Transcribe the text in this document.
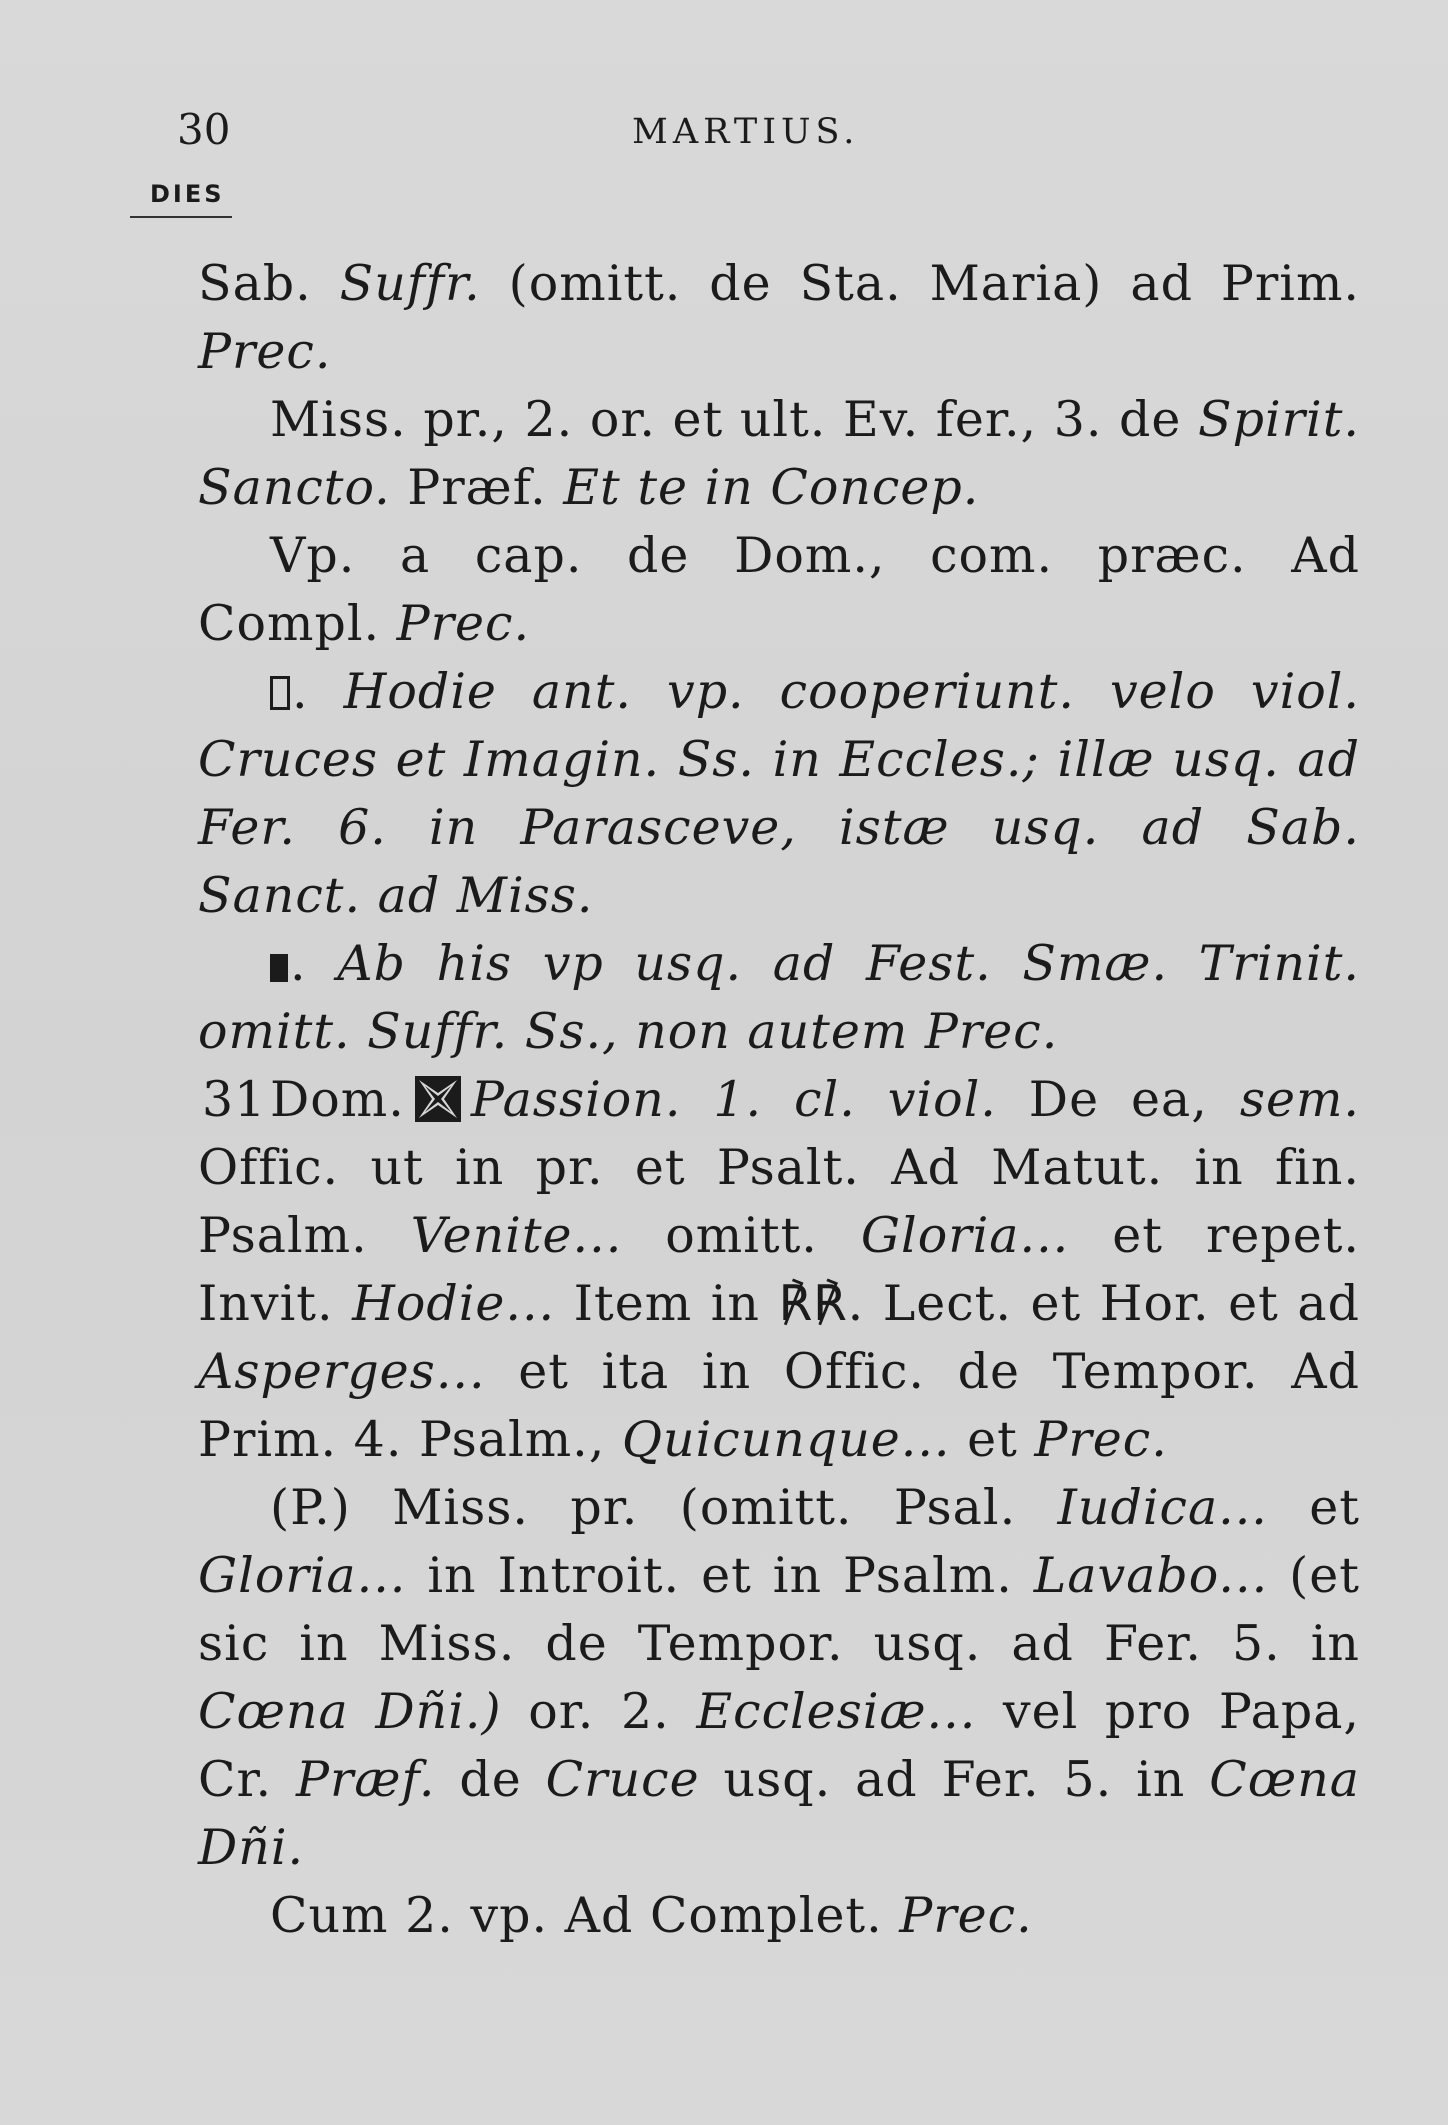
30	MARTIUS.
DIES

Sab. Suffr. (omitt. de Sta. Maria) ad Prim. Prec.

Miss. pr., 2. or. et ult. Ev. fer., 3. de Spirit. Sancto. Præf. Et te in Concep.

Vp. a cap. de Dom., com. præc. Ad Compl. Prec.

. Hodie ant. vp. cooperiunt. velo viol. Cruces et Imagin. Ss. in Eccles.; illæ usq. ad Fer. 6. in Parasceve, istæ usq. ad Sab. Sanct. ad Miss.

. Ab his vp usq. ad Fest. Smæ. Trinit. omitt. Suffr. Ss., non autem Prec.

31 Dom. Passion. 1. cl. viol. De ea, sem. Offic. ut in pr. et Psalt. Ad Matut. in fin. Psalm. Venite... omitt. Gloria... et repet. Invit. Hodie... Item in ℟℟. Lect. et Hor. et ad Asperges... et ita in Offic. de Tempor. Ad Prim. 4. Psalm., Quicunque... et Prec.

(P.) Miss. pr. (omitt. Psal. Iudica... et Gloria... in Introit. et in Psalm. Lavabo... (et sic in Miss. de Tempor. usq. ad Fer. 5. in Cœna Dñi.) or. 2. Ecclesiæ... vel pro Papa, Cr. Præf. de Cruce usq. ad Fer. 5. in Cœna Dñi.

Cum 2. vp. Ad Complet. Prec.
